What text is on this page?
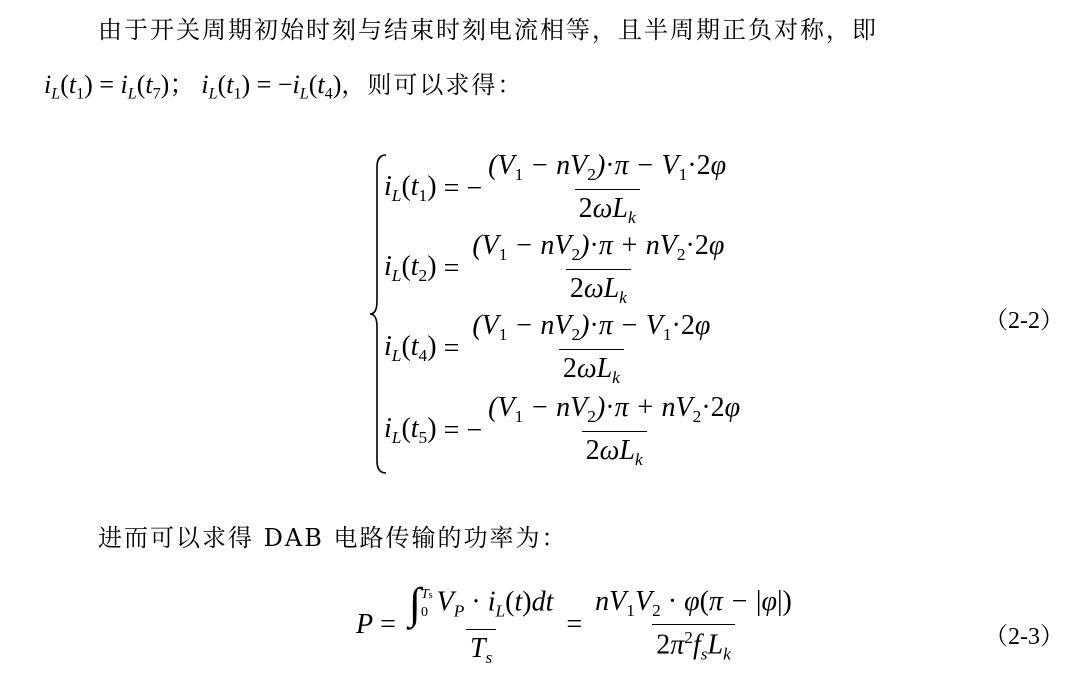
由于开关周期初始时刻与结束时刻电流相等，且半周期正负对称，即
$i_L(t_1) = i_L(t_7)$； $i_L(t_1) = -i_L(t_4)$，则可以求得：
$i_L(t_1)$ = − $\frac{(V_1 - nV_2)\cdot\pi - V_1\cdot 2\varphi}{2\omega L_k}$
$i_L(t_2) = \frac{(V_1 - nV_2)\cdot\pi + nV_2\cdot 2\varphi}{2\omega L_k}$
$i_L(t_4) = \frac{(V_1 - nV_2)\cdot\pi - V_1\cdot 2\varphi}{2\omega L_k}$
$i_L(t_5)$ = − $\frac{(V_1 - nV_2)\cdot\pi + nV_2\cdot 2\varphi}{2\omega L_k}$
（2-2）
进而可以求得 DAB 电路传输的功率为：
P = ∫ Ts
0 $V_P \cdot i_L(t)dt$
$T_s = \frac{nV_1V_2 \cdot \varphi(\pi - |\varphi|)}{2\pi^2f_sL_k}$	（2-3）
